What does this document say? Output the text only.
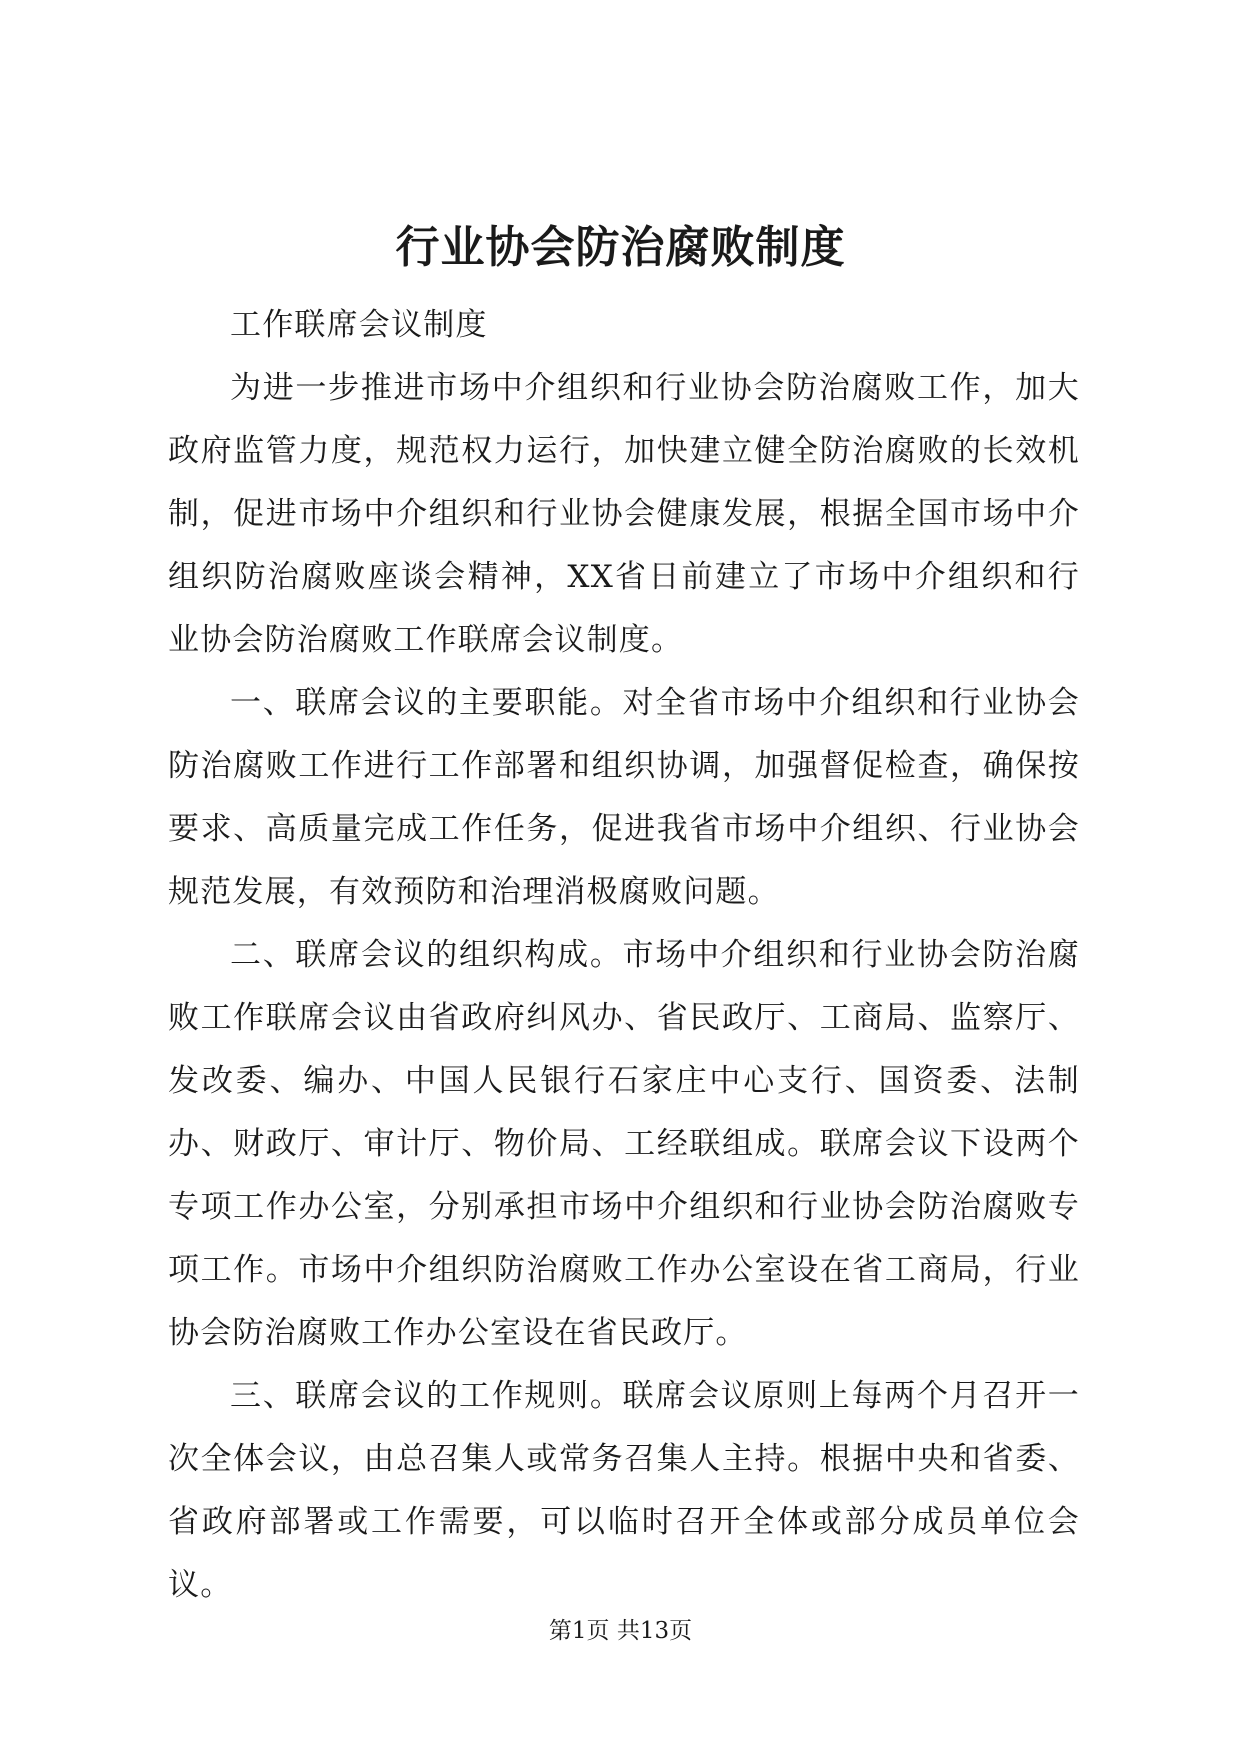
行业协会防治腐败制度

工作联席会议制度

为进一步推进市场中介组织和行业协会防治腐败工作，加大政府监管力度，规范权力运行，加快建立健全防治腐败的长效机制，促进市场中介组织和行业协会健康发展，根据全国市场中介组织防治腐败座谈会精神，XX省日前建立了市场中介组织和行业协会防治腐败工作联席会议制度。

一、联席会议的主要职能。对全省市场中介组织和行业协会防治腐败工作进行工作部署和组织协调，加强督促检查，确保按要求、高质量完成工作任务，促进我省市场中介组织、行业协会规范发展，有效预防和治理消极腐败问题。

二、联席会议的组织构成。市场中介组织和行业协会防治腐败工作联席会议由省政府纠风办、省民政厅、工商局、监察厅、发改委、编办、中国人民银行石家庄中心支行、国资委、法制办、财政厅、审计厅、物价局、工经联组成。联席会议下设两个专项工作办公室，分别承担市场中介组织和行业协会防治腐败专项工作。市场中介组织防治腐败工作办公室设在省工商局，行业协会防治腐败工作办公室设在省民政厅。

三、联席会议的工作规则。联席会议原则上每两个月召开一次全体会议，由总召集人或常务召集人主持。根据中央和省委、省政府部署或工作需要，可以临时召开全体或部分成员单位会议。

第1页 共13页
